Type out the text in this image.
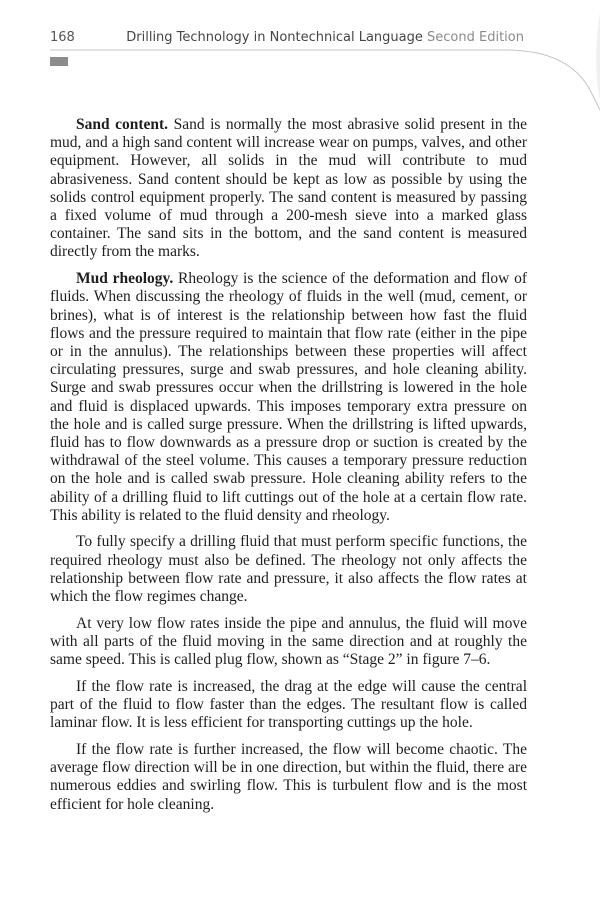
168	Drilling Technology in Nontechnical Language Second Edition

Sand content. Sand is normally the most abrasive solid present in the mud, and a high sand content will increase wear on pumps, valves, and other equipment. However, all solids in the mud will contribute to mud abrasiveness. Sand content should be kept as low as possible by using the solids control equipment properly. The sand content is measured by passing a fixed volume of mud through a 200-mesh sieve into a marked glass container. The sand sits in the bottom, and the sand content is measured directly from the marks.

Mud rheology. Rheology is the science of the deformation and flow of fluids. When discussing the rheology of fluids in the well (mud, cement, or brines), what is of interest is the relationship between how fast the fluid flows and the pressure required to maintain that flow rate (either in the pipe or in the annulus). The relationships between these properties will affect circulating pressures, surge and swab pressures, and hole cleaning ability. Surge and swab pressures occur when the drillstring is lowered in the hole and fluid is displaced upwards. This imposes temporary extra pressure on the hole and is called surge pressure. When the drillstring is lifted upwards, fluid has to flow downwards as a pressure drop or suction is created by the withdrawal of the steel volume. This causes a temporary pressure reduction on the hole and is called swab pressure. Hole cleaning ability refers to the ability of a drilling fluid to lift cuttings out of the hole at a certain flow rate. This ability is related to the fluid density and rheology.

To fully specify a drilling fluid that must perform specific functions, the required rheology must also be defined. The rheology not only affects the relationship between flow rate and pressure, it also affects the flow rates at which the flow regimes change.

At very low flow rates inside the pipe and annulus, the fluid will move with all parts of the fluid moving in the same direction and at roughly the same speed. This is called plug flow, shown as “Stage 2” in figure 7–6.

If the flow rate is increased, the drag at the edge will cause the central part of the fluid to flow faster than the edges. The resultant flow is called laminar flow. It is less efficient for transporting cuttings up the hole.

If the flow rate is further increased, the flow will become chaotic. The average flow direction will be in one direction, but within the fluid, there are numerous eddies and swirling flow. This is turbulent flow and is the most efficient for hole cleaning.
